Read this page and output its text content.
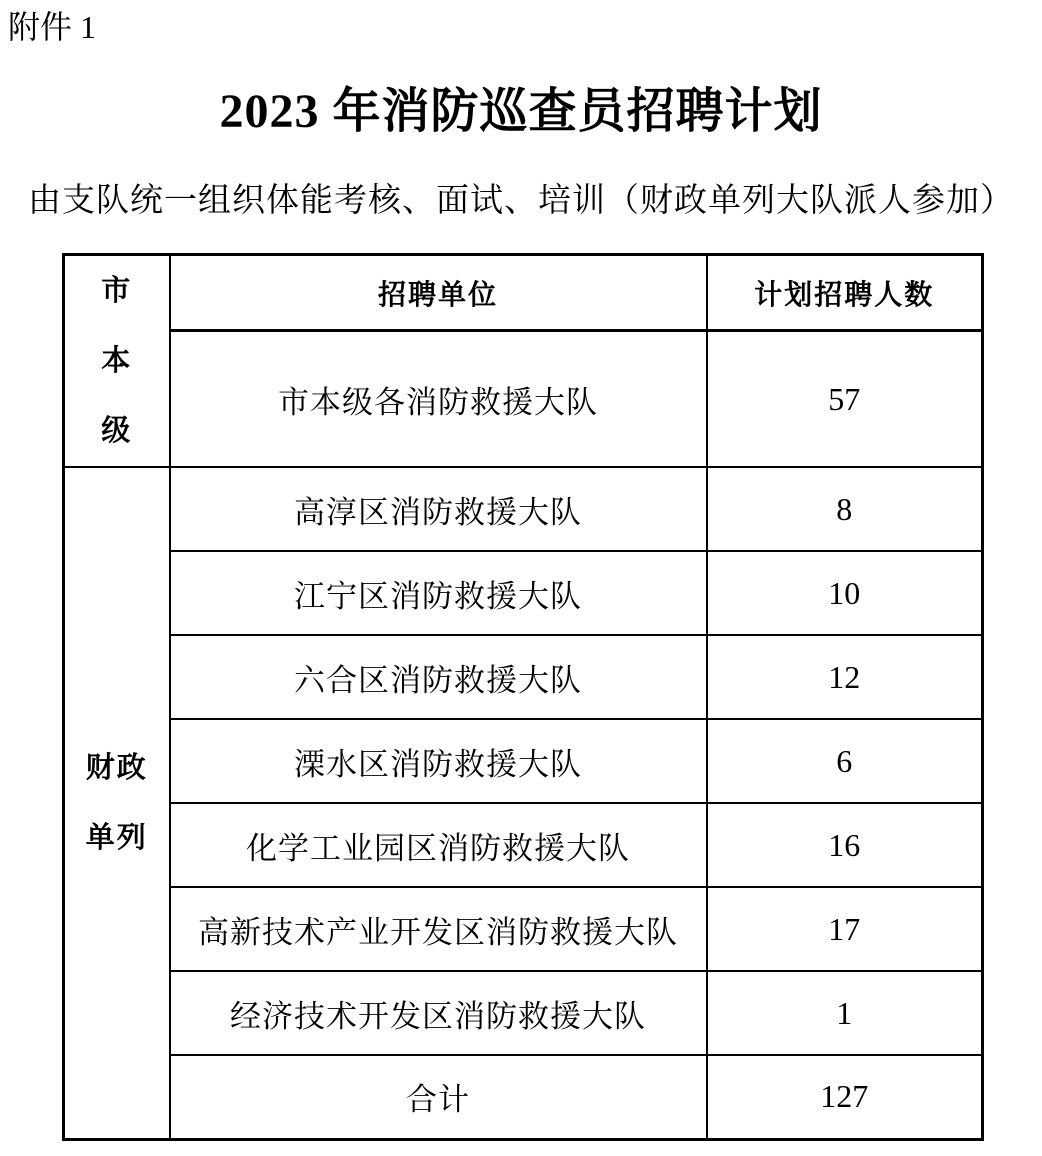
附件 1
2023 年消防巡查员招聘计划
由支队统一组织体能考核、面试、培训（财政单列大队派人参加）
市
本
级	招聘单位	计划招聘人数
	市本级各消防救援大队	57

财政
单列	高淳区消防救援大队	8
	江宁区消防救援大队	10
	六合区消防救援大队	12
	溧水区消防救援大队	6
	化学工业园区消防救援大队	16
	高新技术产业开发区消防救援大队	17
	经济技术开发区消防救援大队	1
	合计	127
